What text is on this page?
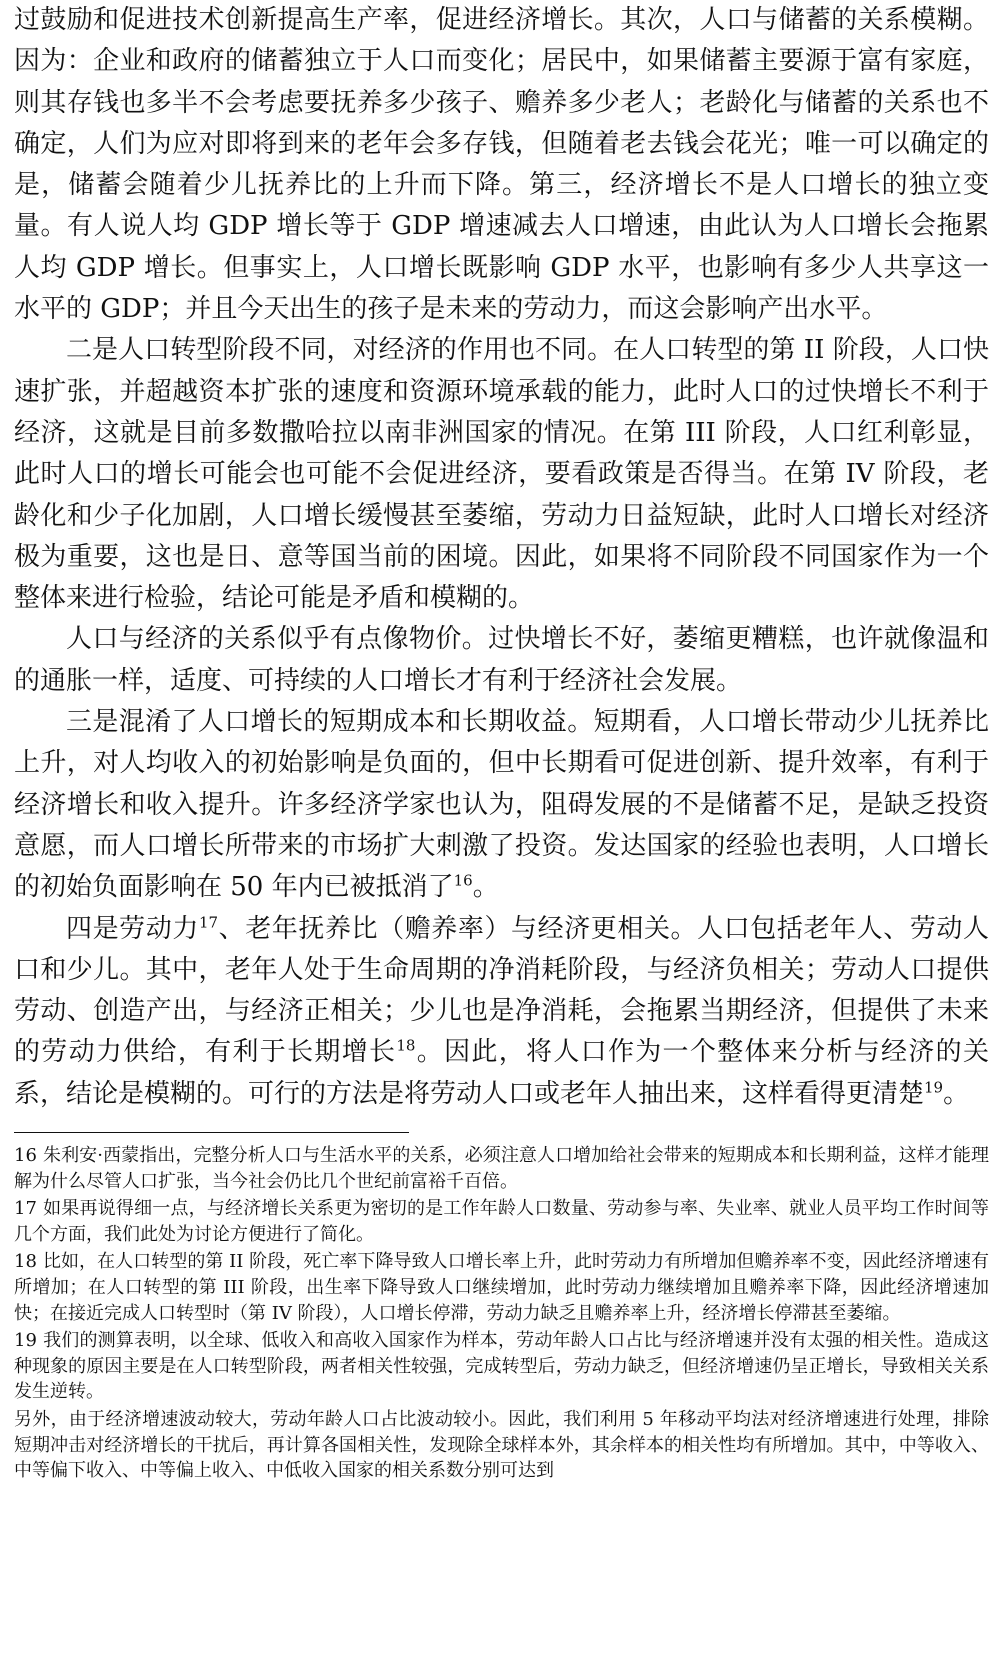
过鼓励和促进技术创新提高生产率，促进经济增长。其次，人口与储蓄的关系模糊。因为：企业和政府的储蓄独立于人口而变化；居民中，如果储蓄主要源于富有家庭，则其存钱也多半不会考虑要抚养多少孩子、赡养多少老人；老龄化与储蓄的关系也不确定，人们为应对即将到来的老年会多存钱，但随着老去钱会花光；唯一可以确定的是，储蓄会随着少儿抚养比的上升而下降。第三，经济增长不是人口增长的独立变量。有人说人均 GDP 增长等于 GDP 增速减去人口增速，由此认为人口增长会拖累人均 GDP 增长。但事实上，人口增长既影响 GDP 水平，也影响有多少人共享这一水平的 GDP；并且今天出生的孩子是未来的劳动力，而这会影响产出水平。

二是人口转型阶段不同，对经济的作用也不同。在人口转型的第 II 阶段，人口快速扩张，并超越资本扩张的速度和资源环境承载的能力，此时人口的过快增长不利于经济，这就是目前多数撒哈拉以南非洲国家的情况。在第 III 阶段，人口红利彰显，此时人口的增长可能会也可能不会促进经济，要看政策是否得当。在第 IV 阶段，老龄化和少子化加剧，人口增长缓慢甚至萎缩，劳动力日益短缺，此时人口增长对经济极为重要，这也是日、意等国当前的困境。因此，如果将不同阶段不同国家作为一个整体来进行检验，结论可能是矛盾和模糊的。

人口与经济的关系似乎有点像物价。过快增长不好，萎缩更糟糕，也许就像温和的通胀一样，适度、可持续的人口增长才有利于经济社会发展。

三是混淆了人口增长的短期成本和长期收益。短期看，人口增长带动少儿抚养比上升，对人均收入的初始影响是负面的，但中长期看可促进创新、提升效率，有利于经济增长和收入提升。许多经济学家也认为，阻碍发展的不是储蓄不足，是缺乏投资意愿，而人口增长所带来的市场扩大刺激了投资。发达国家的经验也表明，人口增长的初始负面影响在 50 年内已被抵消了$^{16}$。

四是劳动力$^{17}$、老年抚养比（赡养率）与经济更相关。人口包括老年人、劳动人口和少儿。其中，老年人处于生命周期的净消耗阶段，与经济负相关；劳动人口提供劳动、创造产出，与经济正相关；少儿也是净消耗，会拖累当期经济，但提供了未来的劳动力供给，有利于长期增长$^{18}$。因此，将人口作为一个整体来分析与经济的关系，结论是模糊的。可行的方法是将劳动人口或老年人抽出来，这样看得更清楚$^{19}$。

16 朱利安·西蒙指出，完整分析人口与生活水平的关系，必须注意人口增加给社会带来的短期成本和长期利益，这样才能理解为什么尽管人口扩张，当今社会仍比几个世纪前富裕千百倍。

17 如果再说得细一点，与经济增长关系更为密切的是工作年龄人口数量、劳动参与率、失业率、就业人员平均工作时间等几个方面，我们此处为讨论方便进行了简化。

18 比如，在人口转型的第 II 阶段，死亡率下降导致人口增长率上升，此时劳动力有所增加但赡养率不变，因此经济增速有所增加；在人口转型的第 III 阶段，出生率下降导致人口继续增加，此时劳动力继续增加且赡养率下降，因此经济增速加快；在接近完成人口转型时（第 IV 阶段），人口增长停滞，劳动力缺乏且赡养率上升，经济增长停滞甚至萎缩。

19 我们的测算表明，以全球、低收入和高收入国家作为样本，劳动年龄人口占比与经济增速并没有太强的相关性。造成这种现象的原因主要是在人口转型阶段，两者相关性较强，完成转型后，劳动力缺乏，但经济增速仍呈正增长，导致相关关系发生逆转。

另外，由于经济增速波动较大，劳动年龄人口占比波动较小。因此，我们利用 5 年移动平均法对经济增速进行处理，排除短期冲击对经济增长的干扰后，再计算各国相关性，发现除全球样本外，其余样本的相关性均有所增加。其中，中等收入、中等偏下收入、中等偏上收入、中低收入国家的相关系数分别可达到
